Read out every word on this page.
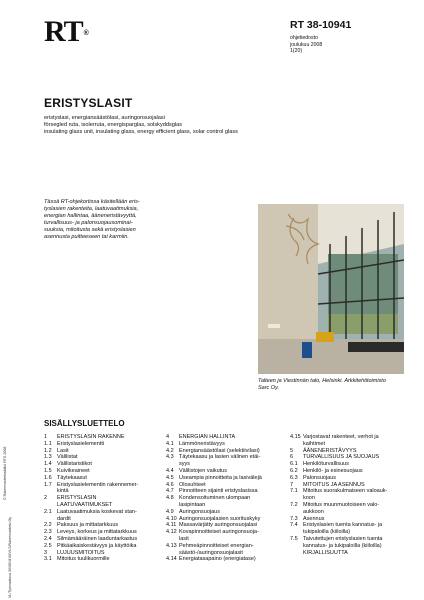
RT®
RT 38-10941
ohjetiedosto
joulukuu 2008
1(20)
ERISTYSLASIT
eristyslasi, energiansäästölasi, auringonsuojalasi
försegled ruta, isolerruta, energisparglas, solskyddsglas
insulating glass unit, insulating glass, energy efficient glass, solar control glass
Tässä RT-ohjekortissa käsitellään eris-
tyslasien rakenteita, laatuvaatimuksia,
energian hallintaa, ääneneristävyyttä,
turvallisuus- ja palonsuojausominai-
suuksia, mitoitusta sekä eristyslasien
asennusta puitteeseen tai karmiin.
Talteen ja Viestinnän talo, Helsinki. Arkkitehtitoimisto
Sarc Oy.
SISÄLLYSLUETTELO
1	ERISTYSLASIN RAKENNE
1.1 Eristyslasielementti
1.2 Lasit
1.3 Välilistat
1.4 Välilistaristikot
1.5 Kuivikeaineet
1.6 Täytekaasut
1.7 Eristyslasielementin rakennemer-
kintä
2	ERISTYSLASIN
LAATUVAATIMUKSET
2.1 Laatuvaatimuksia koskevat stan-
dardit
2.2 Paksuus ja mittatarkkuus
2.3 Leveys, korkeus ja mittatarkkuus
2.4 Silmämääräinen laaduntarkastus
2.5 Pitkäaikaiskestävyys ja käyttöika
3	LUJUUSMITOITUS
3.1 Mitoitus tuulikuormille
4	ENERGIAN HALLINTA
4.1 Lämmöneristävyys
4.2 Energiansäästölasi (selektiivilasi)
4.3 Täytekaasu ja lasien välinen etäi-
syys
4.4 Välilistojen vaikutus
4.5 Useampia pinnoitteita ja lasivälejä
4.6 Olosuhteet
4.7 Pinnoitteen sijainti eristyslasissa
4.8 Kondensoituminen ulompaan
lasipintaan
4.9 Auringonsuojaus
4.10 Auringonsuojalasien suorituskyky
4.11 Massavärjätty auringonsuojalasi
4.12 Kovapinnoitteiset auringonsuoja-
lasit
4.13 Pehmeäpinnoitteiset energian-
säästö-/auringonsuojalasit
4.14 Energiatasapaino (energiatase)
4.15 Varjostavat rakenteet, verhot ja
kaihtimet
5	ÄÄNENERISTÄVYYS
6	TURVALLISUUS JA SUOJAUS
6.1 Henkilöturvallisuus
6.2 Henkilö- ja esinesuojaus
6.3 Palonsuojaus
7	MITOITUS JA ASENNUS
7.1 Mitoitus suorakulmaiseen valoauk-
koon
7.2 Mitoitus muunmuotoiseen valo-
aukkoon
7.3 Asennus
7.4 Eristyslasien tuenta kannatus- ja
tukipaloilla (kiiloilla)
7.5 Taivutettujen eristyslasien tuenta
kannatus- ja tukipaloilla (kiiloilla)
KIRJALLISUUTTA
© Rakennustietosäätiö RTS 2008
VL/Työmaatuva 30/08/1100/VLS/Rakennustieto Oy
